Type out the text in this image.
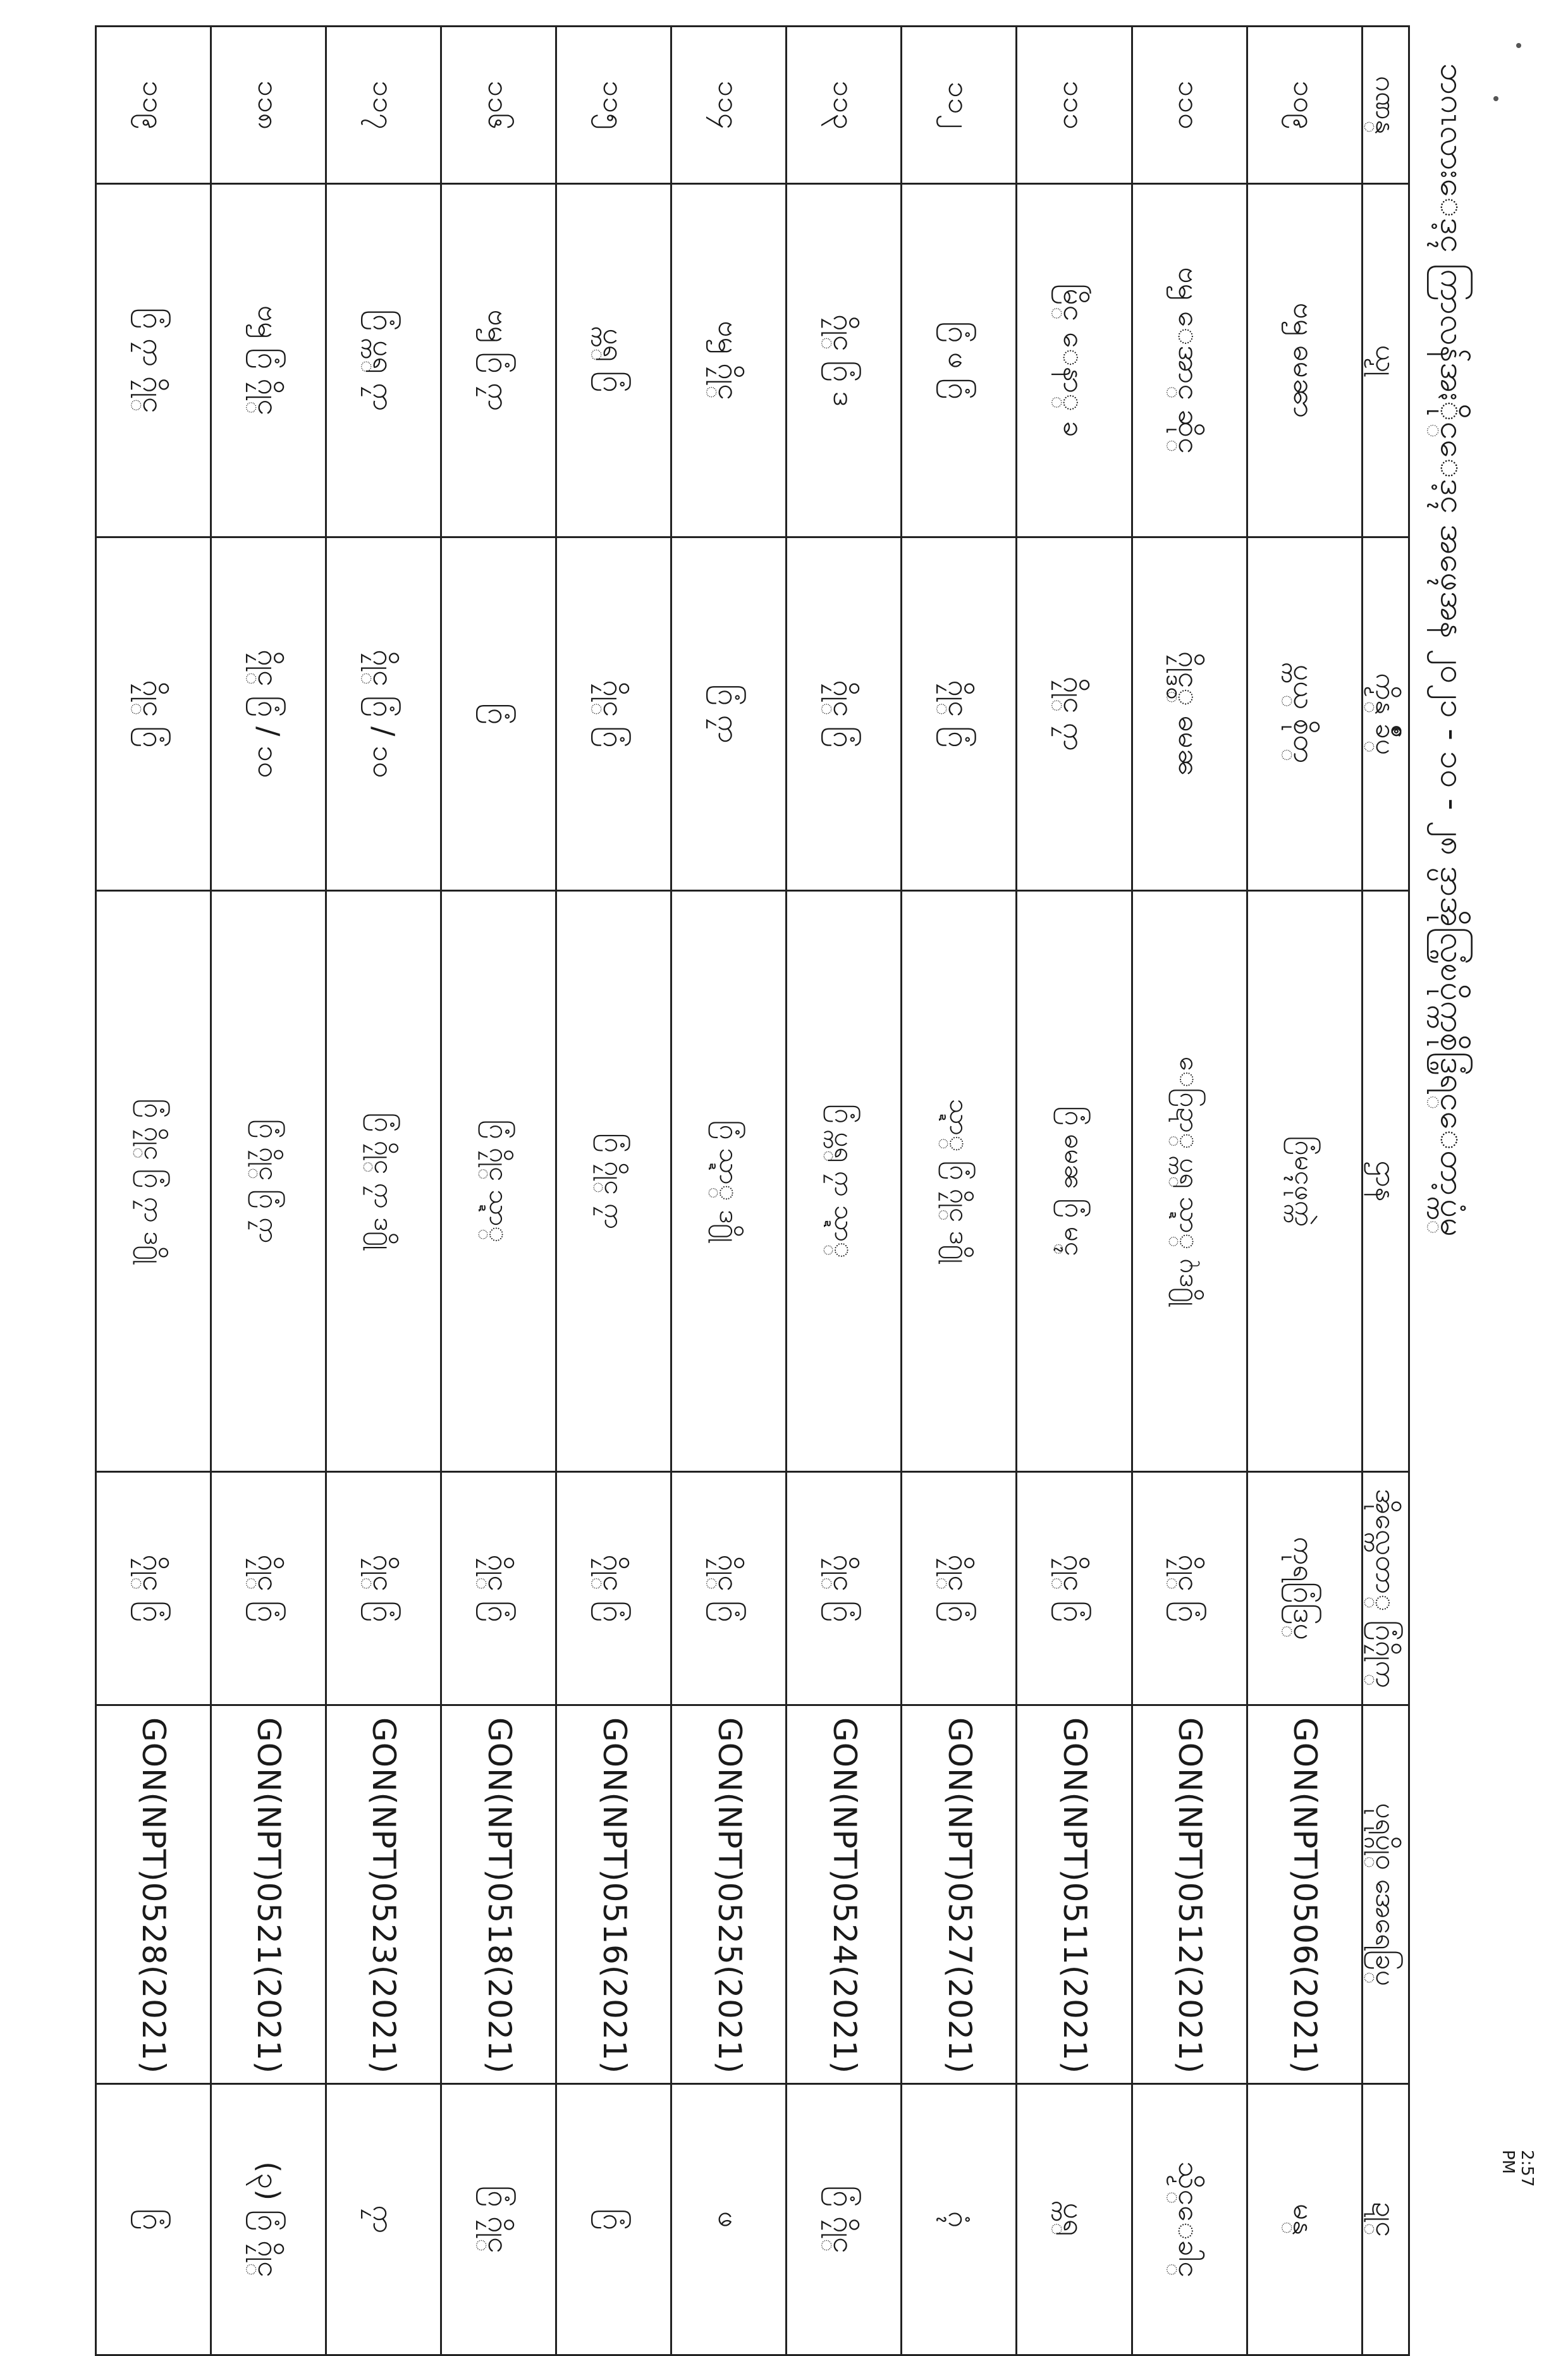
ဘဂၤလားေဒ့ၚ ကြာလန်အႏိုင္ေဒ့ၚ အဖ္ၚေအန ၂၀၂၁ - ၁၀ - ၂၈ ဒ္ပာအိုလ္ဂြံၿပိုက္ကစိုဒ္ဂြံရင္ေတာ့ပ္ကံမ္
2:57 PM
ဂဏန္	ယၟု	ကၟိန္ ခ်ိဳပ္	ဌာန	အိုလ္ကေတာ္ ဂြံဂၠိုက္	ပုရုပ္ဂိုဝ္ အေရေခြပ္	ဍုင္
၁၀၉	ဗၝ ဓမၼာ	ပ္ကယ္ စိုတ္	ဂြံမၚ္ၚဖုက္ကဲ	ကုရဂြံဒြပ္	GON(NPT)0506(2021)	မန္
၁၁၀	ဗၝ ေအာင္ ဆိုင္	ဂၠိုင္ဒွ္ ဓမၼ	ေဂြဍာ္ ပ္ကရ္ သ္ဍာ္ ဂႝဒ႐ို	ဂၠိုင္ ဂြံ	GON(NPT)0512(2021)	သၟိင္ေခါင္
၁၁၁	မြိင္ ေနာ္ ခ	ဂၠိုင္ ဂၠာ	ဂြံ ဓမၼ ဂြံ မၚ္	ဂၠိုင္ ဂြံ	GON(NPT)0511(2021)	ပ္ကရ္
၁၁၂	ဂြံ ဖ ဂြံ	ဂၠိုင္ ဂြံ	သ္ဍာ္ ဂြံ ဂၠိုင္ ဒ႐ို	ဂၠိုင္ ဂြံ	GON(NPT)0527(2021)	ဂ္ၚံ
၁၁၃	ဂၠိုင္ ဂြံ ဒ	ဂၠိုင္ ဂြံ	ဂြံ ပ္ကရ္ ဂၠာ သ္ဍာ္	ဂၠိုင္ ဂြံ	GON(NPT)0524(2021)	ဂြံ ဂၠိုင္
၁၁၄	ဗၝ ဂၠိုင္	ဂြံ ဂၠာ	ဂြံ သ္ဍာ္ ဒ႐ို	ဂၠိုင္ ဂြံ	GON(NPT)0525(2021)	ဖ
၁၁၅	ပ္ကရ္ ဂြံ	ဂၠိုင္ ဂြံ	ဂြံ ဂၠိုင္ ဂၠာ	ဂၠိုင္ ဂြံ	GON(NPT)0516(2021)	ဂြံ
၁၁၆	ဗၝ ဂြံ ဂၠာ	ဂြံ	ဂြံ ဂၠိုင္ သ္ဍာ္	ဂၠိုင္ ဂြံ	GON(NPT)0518(2021)	ဂြံ ဂၠိုင္
၁၁၇	ဂြံ ပ္ကရ္ ဂၠာ	ဂၠိုင္ ဂြံ / ၁၀	ဂြံ ဂၠိုင္ ဂၠာ ဒ႐ို	ဂၠိုင္ ဂြံ	GON(NPT)0523(2021)	ဂၠာ
၁၁၈	ဗၝ ဂြံ ဂၠိုင္	ဂၠိုင္ ဂြံ / ၁၀	ဂြံ ဂၠိုင္ ဂြံ ဂၠာ	ဂၠိုင္ ဂြံ	GON(NPT)0521(2021)	(၃) ဂြံ ဂၠိုင္
၁၁၉	ဂြံ ဂၠာ ဂၠိုင္	ဂၠိုင္ ဂြံ	ဂြံ ဂၠိုင္ ဂြံ ဂၠာ ဒ႐ို	ဂၠိုင္ ဂြံ	GON(NPT)0528(2021)	ဂြံ
